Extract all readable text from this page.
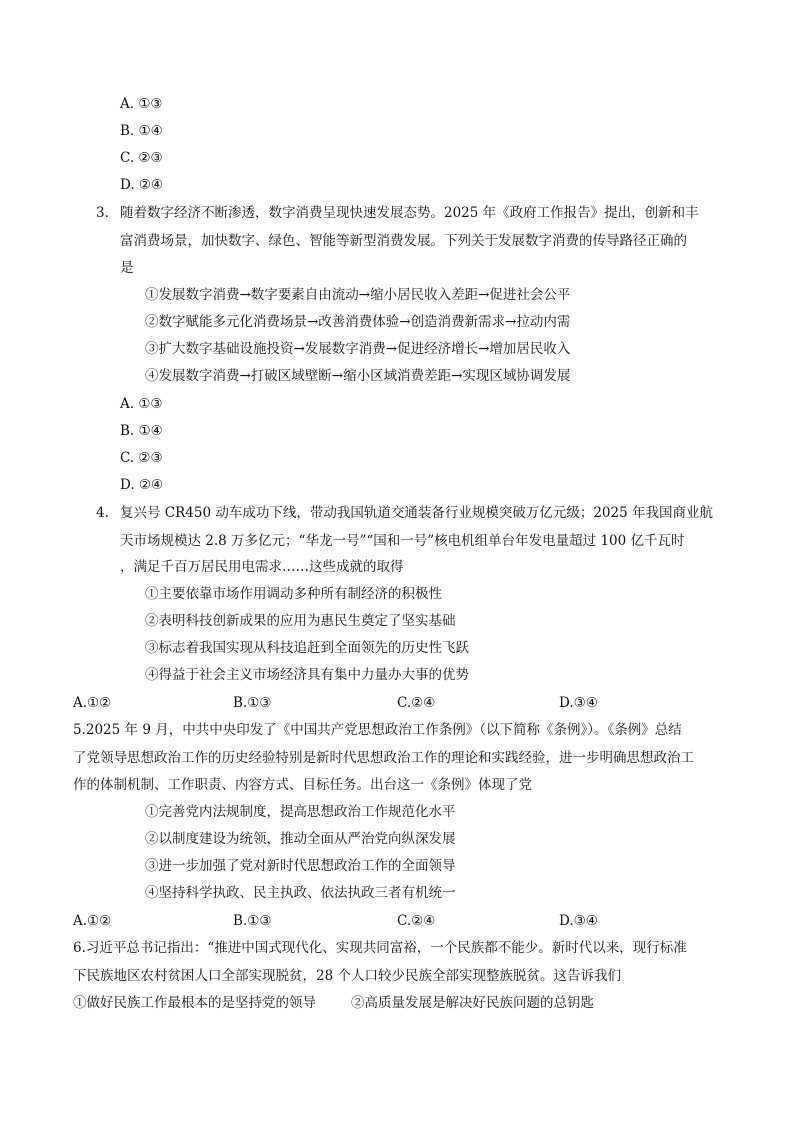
A. ①③
B. ①④
C. ②③
D. ②④
3. 随着数字经济不断渗透，数字消费呈现快速发展态势。2025 年《政府工作报告》提出，创新和丰
富消费场景，加快数字、绿色、智能等新型消费发展。下列关于发展数字消费的传导路径正确的
是
①发展数字消费→数字要素自由流动→缩小居民收入差距→促进社会公平
②数字赋能多元化消费场景→改善消费体验→创造消费新需求→拉动内需
③扩大数字基础设施投资→发展数字消费→促进经济增长→增加居民收入
④发展数字消费→打破区域壁断→缩小区域消费差距→实现区域协调发展
A. ①③
B. ①④
C. ②③
D. ②④
4. 复兴号 CR450 动车成功下线，带动我国轨道交通装备行业规模突破万亿元级；2025 年我国商业航
天市场规模达 2.8 万多亿元；“华龙一号”“国和一号”核电机组单台年发电量超过 100 亿千瓦时
，满足千百万居民用电需求……这些成就的取得
①主要依靠市场作用调动多种所有制经济的积极性
②表明科技创新成果的应用为惠民生奠定了坚实基础
③标志着我国实现从科技追赶到全面领先的历史性飞跃
④得益于社会主义市场经济具有集中力量办大事的优势
A.①②	B.①③	C.②④	D.③④
5.2025 年 9 月，中共中央印发了《中国共产党思想政治工作条例》（以下简称《条例》）。《条例》总结
了党领导思想政治工作的历史经验特别是新时代思想政治工作的理论和实践经验，进一步明确思想政治工
作的体制机制、工作职责、内容方式、目标任务。出台这一《条例》体现了党
①完善党内法规制度，提高思想政治工作规范化水平
②以制度建设为统领，推动全面从严治党向纵深发展
③进一步加强了党对新时代思想政治工作的全面领导
④坚持科学执政、民主执政、依法执政三者有机统一
A.①②	B.①③	C.②④	D.③④
6.习近平总书记指出：“推进中国式现代化、实现共同富裕，一个民族都不能少。新时代以来，现行标准
下民族地区农村贫困人口全部实现脱贫，28 个人口较少民族全部实现整族脱贫。这告诉我们
①做好民族工作最根本的是坚持党的领导	②高质量发展是解决好民族问题的总钥匙
